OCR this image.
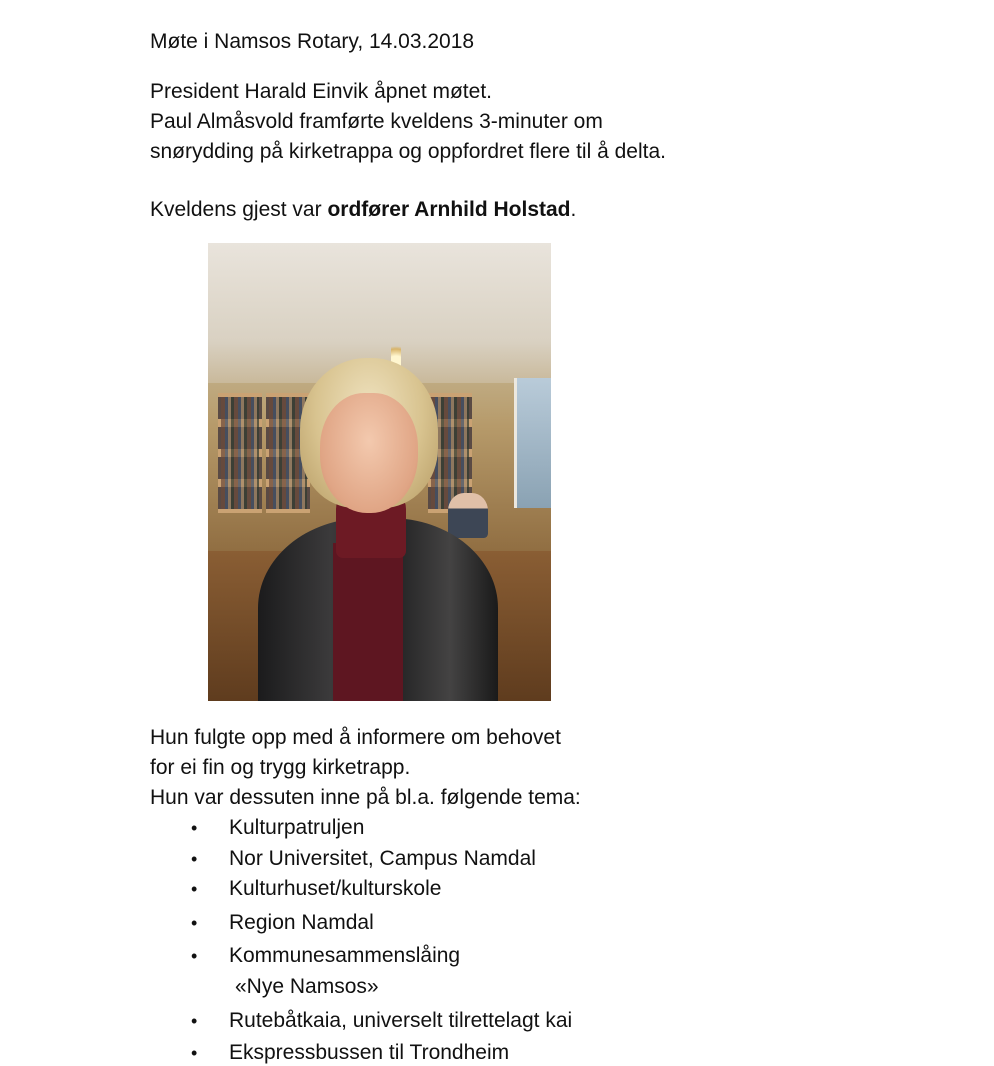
Møte i Namsos Rotary, 14.03.2018
President Harald Einvik åpnet møtet.
Paul Almåsvold framførte kveldens 3-minuter om
snørydding på kirketrappa og oppfordret flere til å delta.
Kveldens gjest var ordfører Arnhild Holstad.
Hun fulgte opp med å informere om behovet
for ei fin og trygg kirketrapp.
Hun var dessuten inne på bl.a. følgende tema:
• Kulturpatruljen
• Nor Universitet, Campus Namdal
• Kulturhuset/kulturskole
• Region Namdal
• Kommunesammenslåing
«Nye Namsos»
• Rutebåtkaia, universelt tilrettelagt kai
• Ekspressbussen til Trondheim
